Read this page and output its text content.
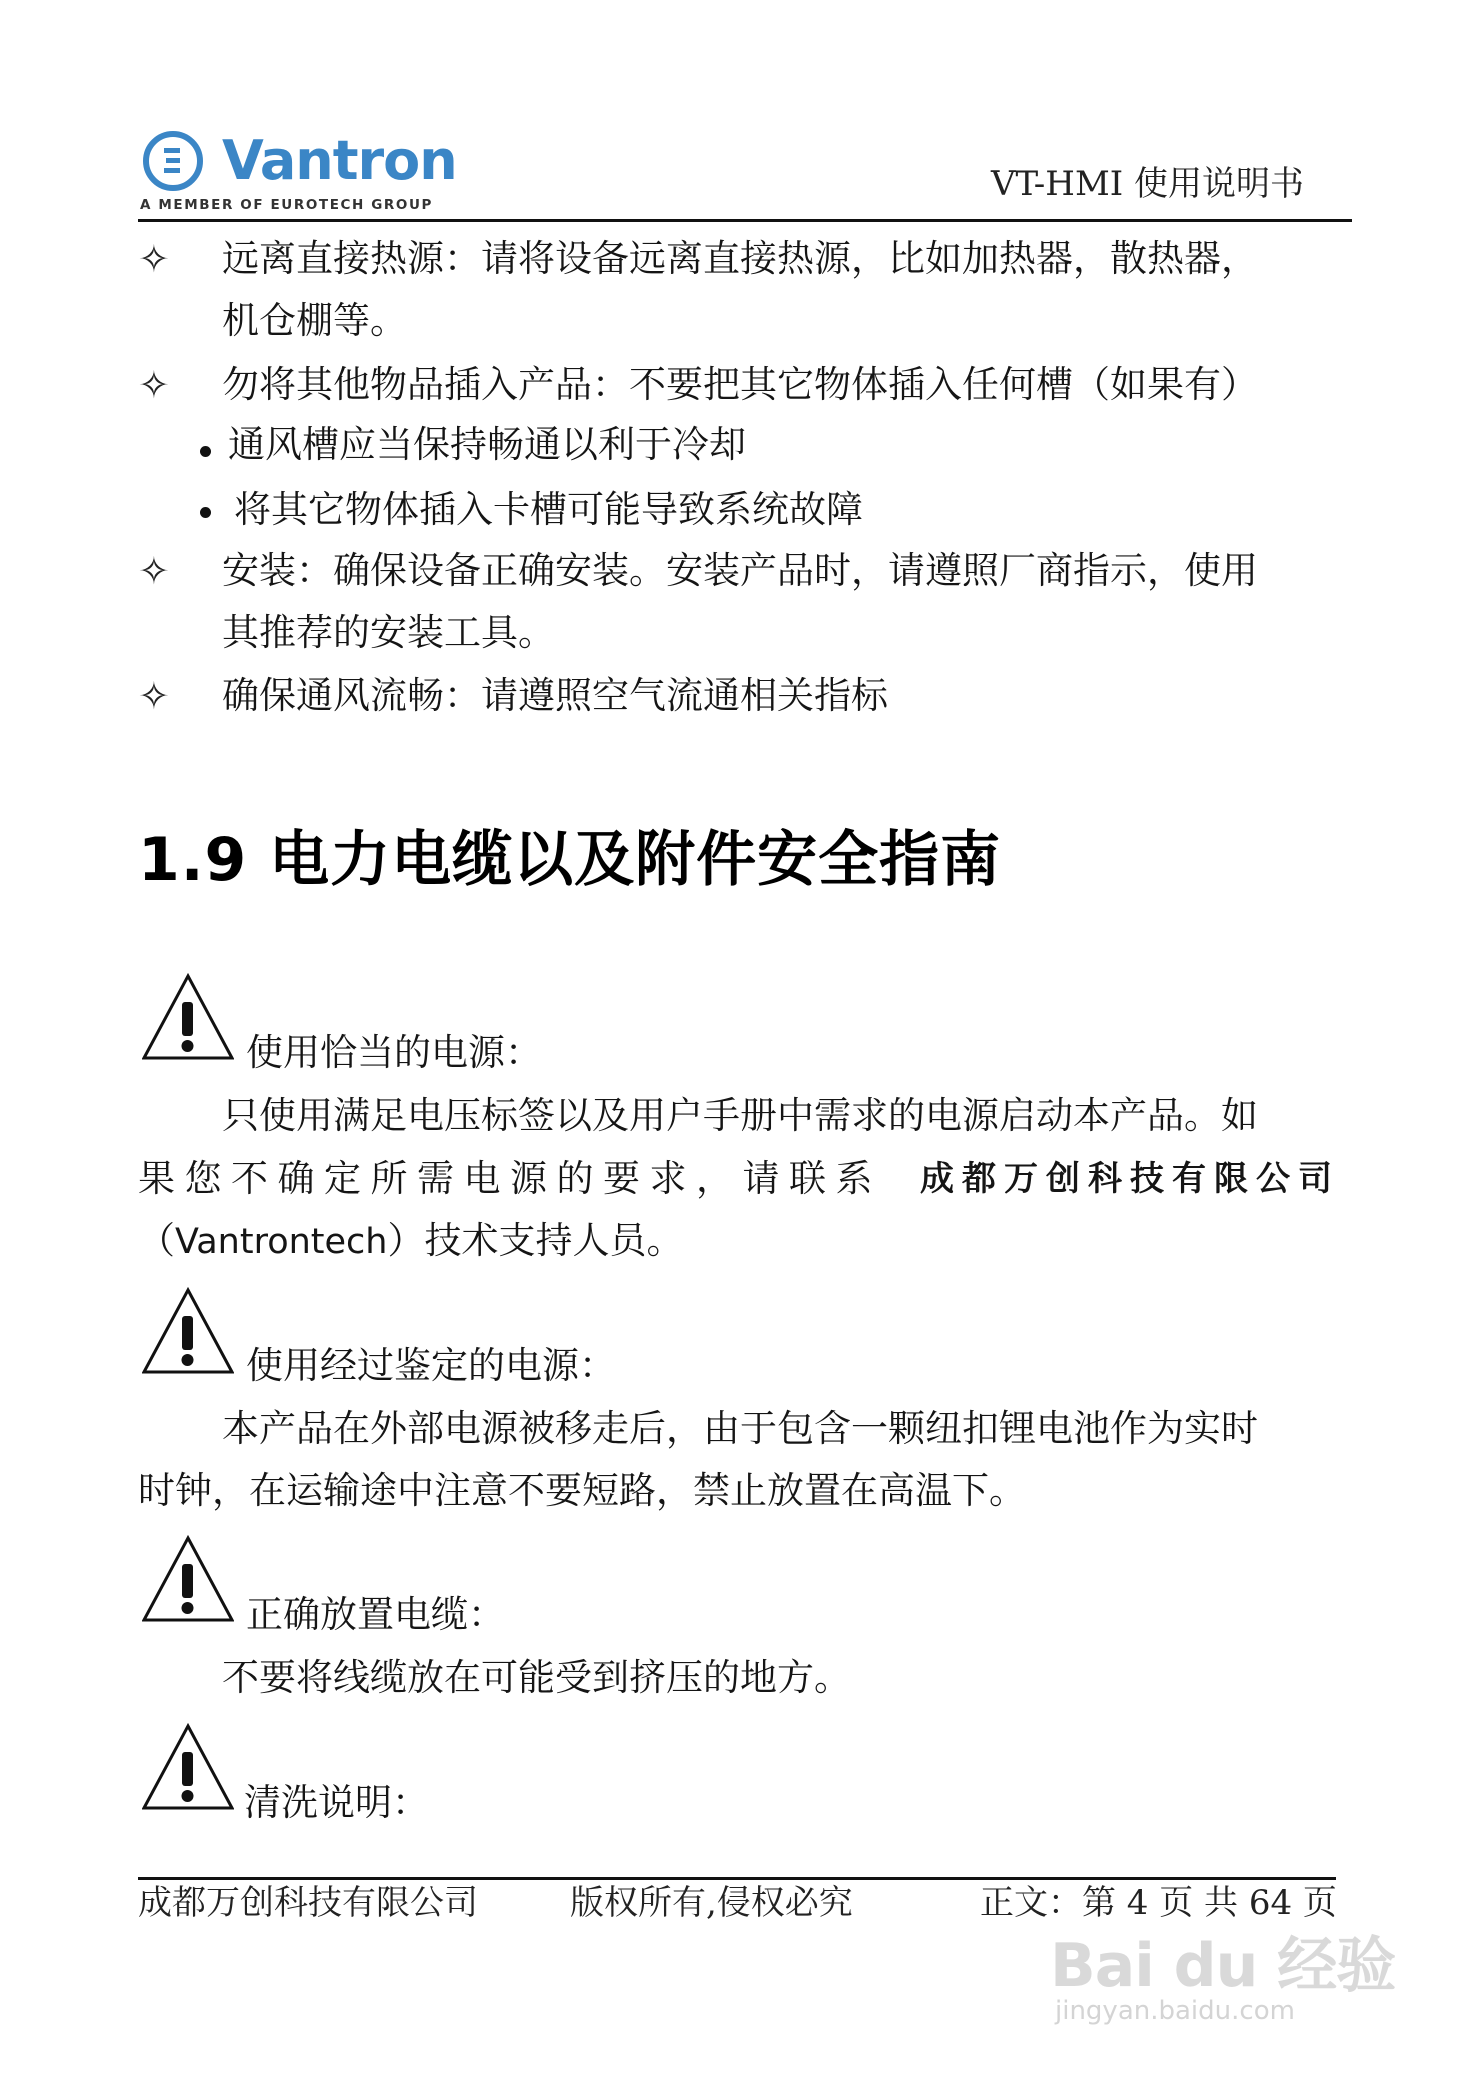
Vantron
A MEMBER OF EUROTECH GROUP
VT-HMI 使用说明书
✧ 远离直接热源：请将设备远离直接热源，比如加热器，散热器，
机仓棚等。
✧ 勿将其他物品插入产品：不要把其它物体插入任何槽（如果有）
通风槽应当保持畅通以利于冷却
将其它物体插入卡槽可能导致系统故障
✧ 安装：确保设备正确安装。安装产品时，请遵照厂商指示，使用
其推荐的安装工具。
✧ 确保通风流畅：请遵照空气流通相关指标
1.9 电力电缆以及附件安全指南
使用恰当的电源：
只使用满足电压标签以及用户手册中需求的电源启动本产品。如
果您不确定所需电源的要求，请联系 成都万创科技有限公司
（Vantrontech）技术支持人员。
使用经过鉴定的电源：
本产品在外部电源被移走后，由于包含一颗纽扣锂电池作为实时
时钟，在运输途中注意不要短路，禁止放置在高温下。
正确放置电缆：
不要将线缆放在可能受到挤压的地方。
清洗说明：
成都万创科技有限公司	版权所有,侵权必究	正文：第 4 页 共 64 页
Bai du 经验
jingyan.baidu.com
